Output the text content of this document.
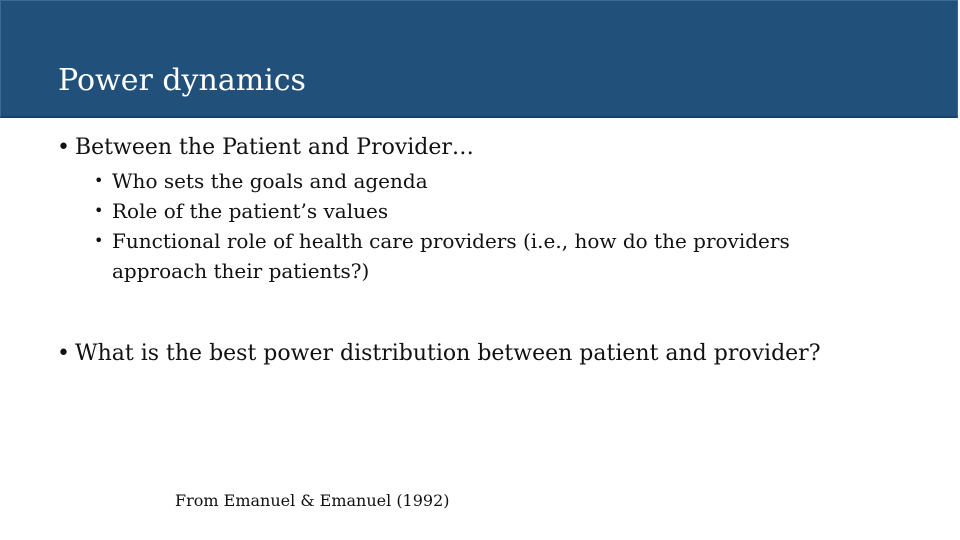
Power dynamics
• Between the Patient and Provider…
• Who sets the goals and agenda
• Role of the patient’s values
• Functional role of health care providers (i.e., how do the providers approach their patients?)
• What is the best power distribution between patient and provider?
From Emanuel & Emanuel (1992)
